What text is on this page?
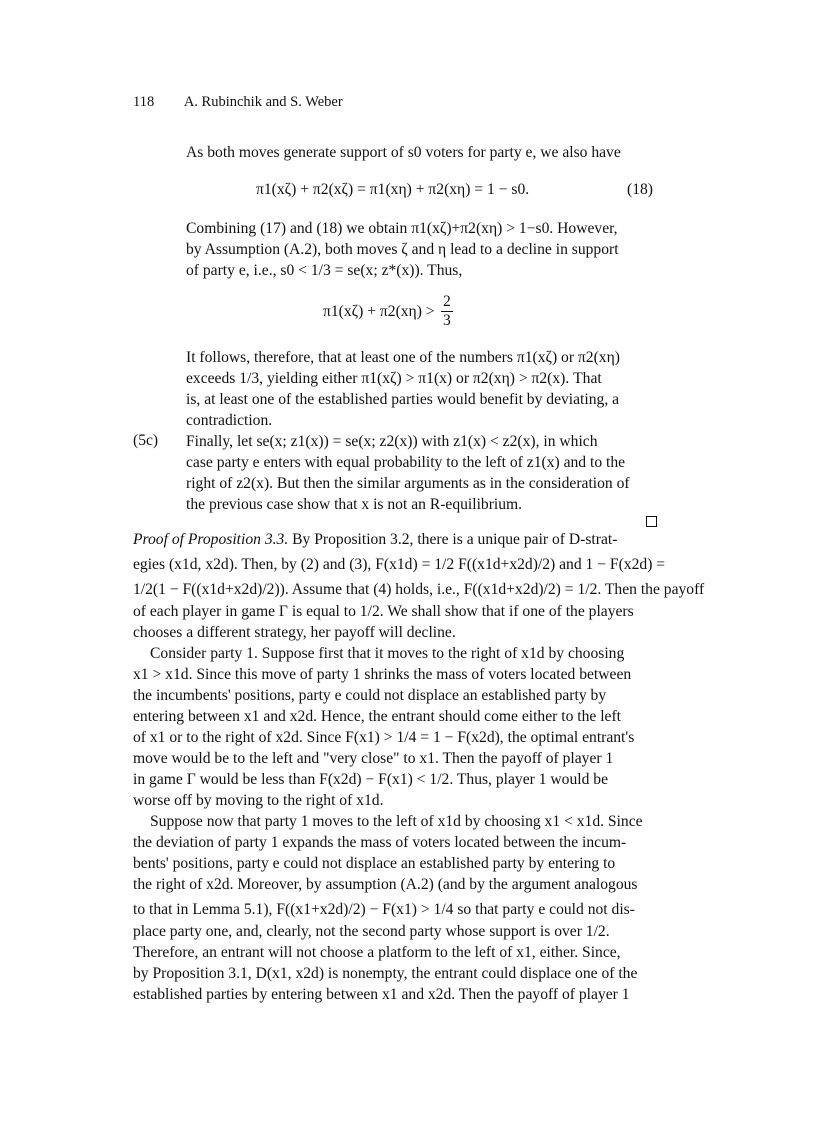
118 A. Rubinchik and S. Weber
As both moves generate support of s0 voters for party e, we also have
π1(xζ) + π2(xζ) = π1(xη) + π2(xη) = 1 − s0.	(18)
Combining (17) and (18) we obtain π1(xζ)+π2(xη) > 1−s0. However,
by Assumption (A.2), both moves ζ and η lead to a decline in support
of party e, i.e., s0 < 1/3 = se(x; z*(x)). Thus,
$\pi 1(x\zeta) + \pi 2(x\eta) > \frac{2}{3}$
It follows, therefore, that at least one of the numbers π1(xζ) or π2(xη)
exceeds 1/3, yielding either π1(xζ) > π1(x) or π2(xη) > π2(x). That
is, at least one of the established parties would benefit by deviating, a
contradiction.
(5c) Finally, let se(x; z1(x)) = se(x; z2(x)) with z1(x) < z2(x), in which
case party e enters with equal probability to the left of z1(x) and to the
right of z2(x). But then the similar arguments as in the consideration of
the previous case show that x is not an R-equilibrium.
Proof of Proposition 3.3. By Proposition 3.2, there is a unique pair of D-strat-
egies (x1d, x2d). Then, by (2) and (3), F(x1d) = 1/2 F((x1d+x2d)/2) and 1 − F(x2d) =
1/2(1 − F((x1d+x2d)/2)). Assume that (4) holds, i.e., F((x1d+x2d)/2) = 1/2. Then the payoff
of each player in game Γ is equal to 1/2. We shall show that if one of the players
chooses a different strategy, her payoff will decline.
Consider party 1. Suppose first that it moves to the right of x1d by choosing
x1 > x1d. Since this move of party 1 shrinks the mass of voters located between
the incumbents' positions, party e could not displace an established party by
entering between x1 and x2d. Hence, the entrant should come either to the left
of x1 or to the right of x2d. Since F(x1) > 1/4 = 1 − F(x2d), the optimal entrant's
move would be to the left and "very close" to x1. Then the payoff of player 1
in game Γ would be less than F(x2d) − F(x1) < 1/2. Thus, player 1 would be
worse off by moving to the right of x1d.
Suppose now that party 1 moves to the left of x1d by choosing x1 < x1d. Since
the deviation of party 1 expands the mass of voters located between the incum-
bents' positions, party e could not displace an established party by entering to
the right of x2d. Moreover, by assumption (A.2) (and by the argument analogous
to that in Lemma 5.1), F((x1+x2d)/2) − F(x1) > 1/4 so that party e could not dis-
place party one, and, clearly, not the second party whose support is over 1/2.
Therefore, an entrant will not choose a platform to the left of x1, either. Since,
by Proposition 3.1, D(x1, x2d) is nonempty, the entrant could displace one of the
established parties by entering between x1 and x2d. Then the payoff of player 1
